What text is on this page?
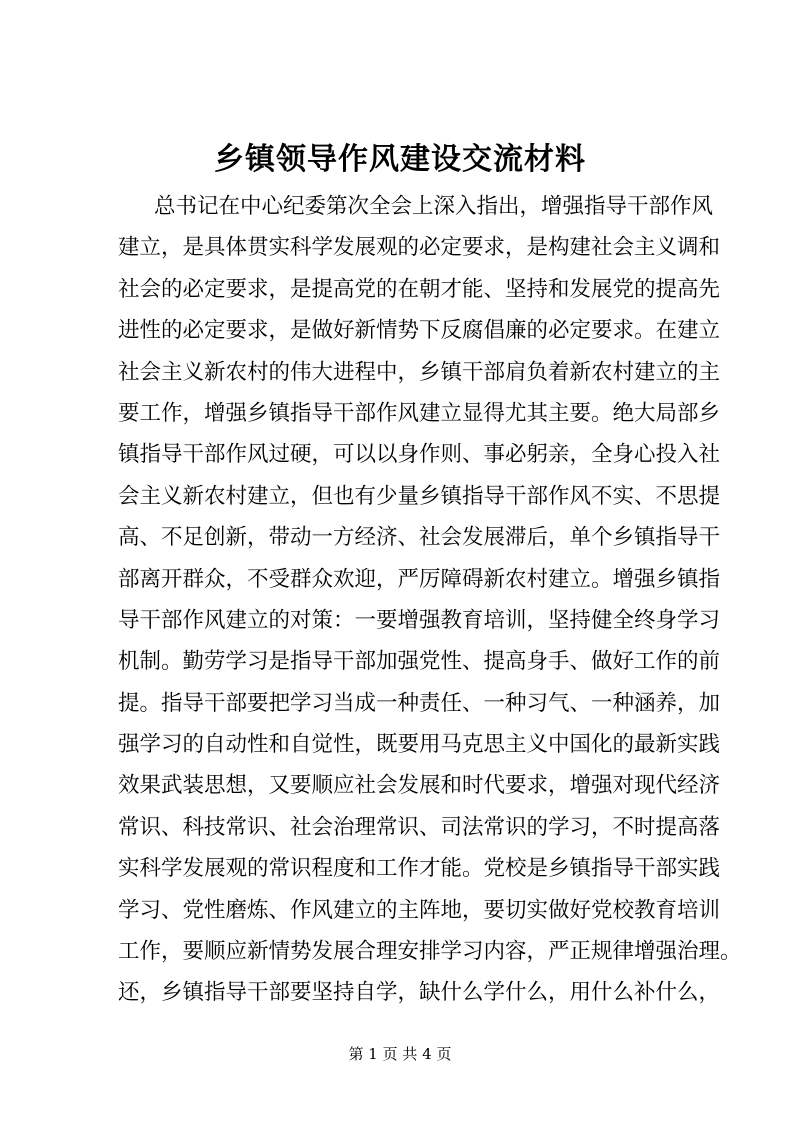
乡镇领导作风建设交流材料
总书记在中心纪委第次全会上深入指出，增强指导干部作风
建立，是具体贯实科学发展观的必定要求，是构建社会主义调和
社会的必定要求，是提高党的在朝才能、坚持和发展党的提高先
进性的必定要求，是做好新情势下反腐倡廉的必定要求。在建立
社会主义新农村的伟大进程中，乡镇干部肩负着新农村建立的主
要工作，增强乡镇指导干部作风建立显得尤其主要。绝大局部乡
镇指导干部作风过硬，可以以身作则、事必躬亲，全身心投入社
会主义新农村建立，但也有少量乡镇指导干部作风不实、不思提
高、不足创新，带动一方经济、社会发展滞后，单个乡镇指导干
部离开群众，不受群众欢迎，严厉障碍新农村建立。增强乡镇指
导干部作风建立的对策：一要增强教育培训，坚持健全终身学习
机制。勤劳学习是指导干部加强党性、提高身手、做好工作的前
提。指导干部要把学习当成一种责任、一种习气、一种涵养，加
强学习的自动性和自觉性，既要用马克思主义中国化的最新实践
效果武装思想，又要顺应社会发展和时代要求，增强对现代经济
常识、科技常识、社会治理常识、司法常识的学习，不时提高落
实科学发展观的常识程度和工作才能。党校是乡镇指导干部实践
学习、党性磨炼、作风建立的主阵地，要切实做好党校教育培训
工作，要顺应新情势发展合理安排学习内容，严正规律增强治理。
还，乡镇指导干部要坚持自学，缺什么学什么，用什么补什么，
第 1 页 共 4 页
